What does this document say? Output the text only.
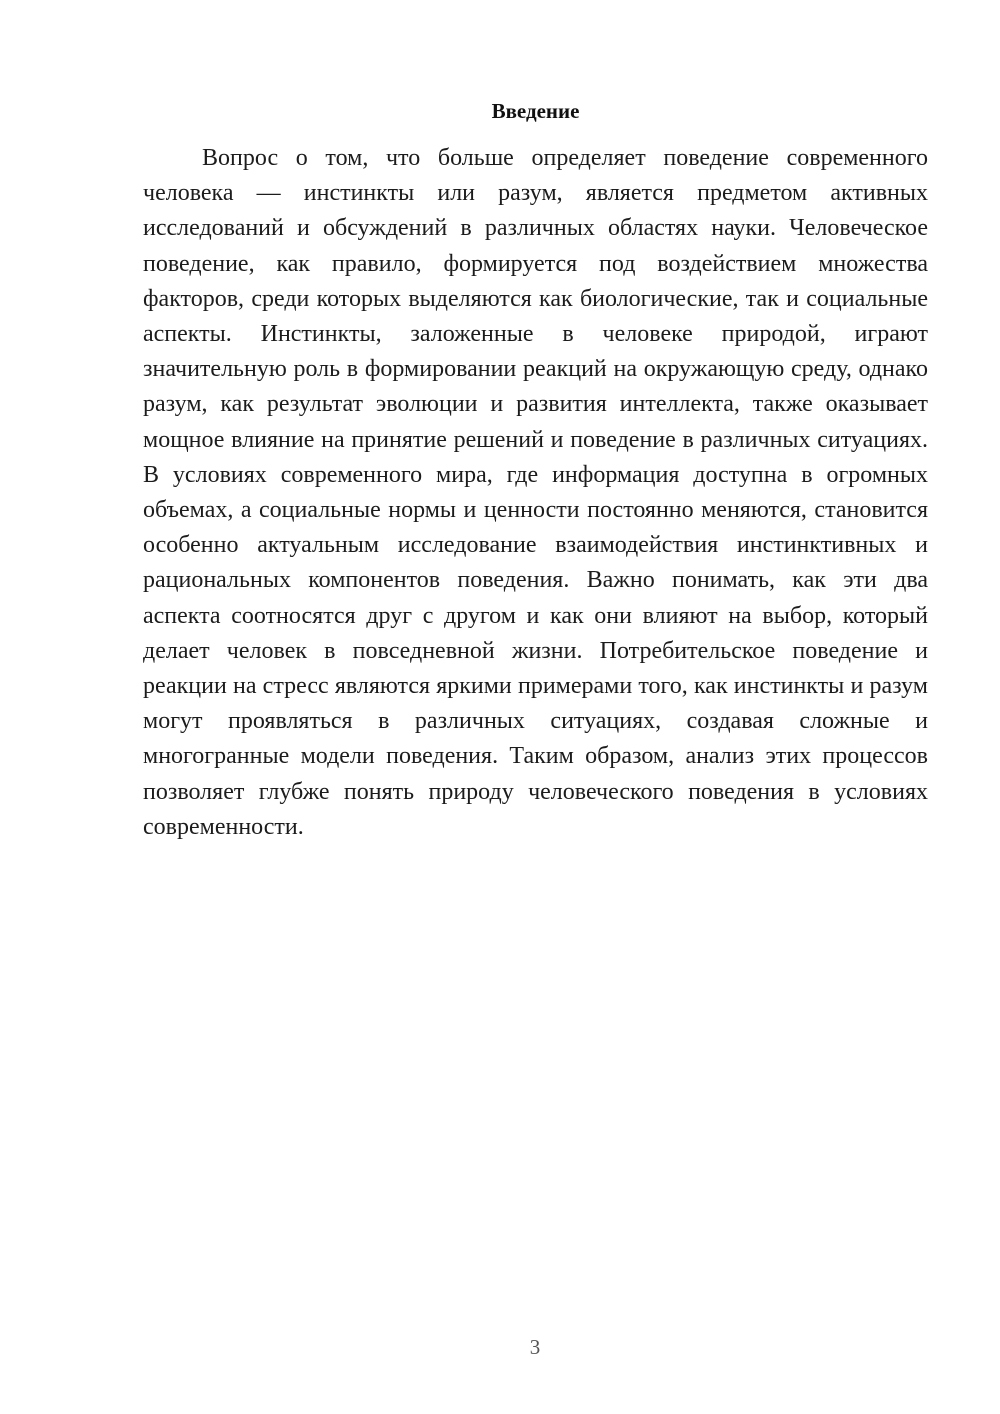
Введение

Вопрос о том, что больше определяет поведение современного человека — инстинкты или разум, является предметом активных исследований и обсуждений в различных областях науки. Человеческое поведение, как правило, формируется под воздействием множества факторов, среди которых выделяются как биологические, так и социальные аспекты. Инстинкты, заложенные в человеке природой, играют значительную роль в формировании реакций на окружающую среду, однако разум, как результат эволюции и развития интеллекта, также оказывает мощное влияние на принятие решений и поведение в различных ситуациях. В условиях современного мира, где информация доступна в огромных объемах, а социальные нормы и ценности постоянно меняются, становится особенно актуальным исследование взаимодействия инстинктивных и рациональных компонентов поведения. Важно понимать, как эти два аспекта соотносятся друг с другом и как они влияют на выбор, который делает человек в повседневной жизни. Потребительское поведение и реакции на стресс являются яркими примерами того, как инстинкты и разум могут проявляться в различных ситуациях, создавая сложные и многогранные модели поведения. Таким образом, анализ этих процессов позволяет глубже понять природу человеческого поведения в условиях современности.

3
